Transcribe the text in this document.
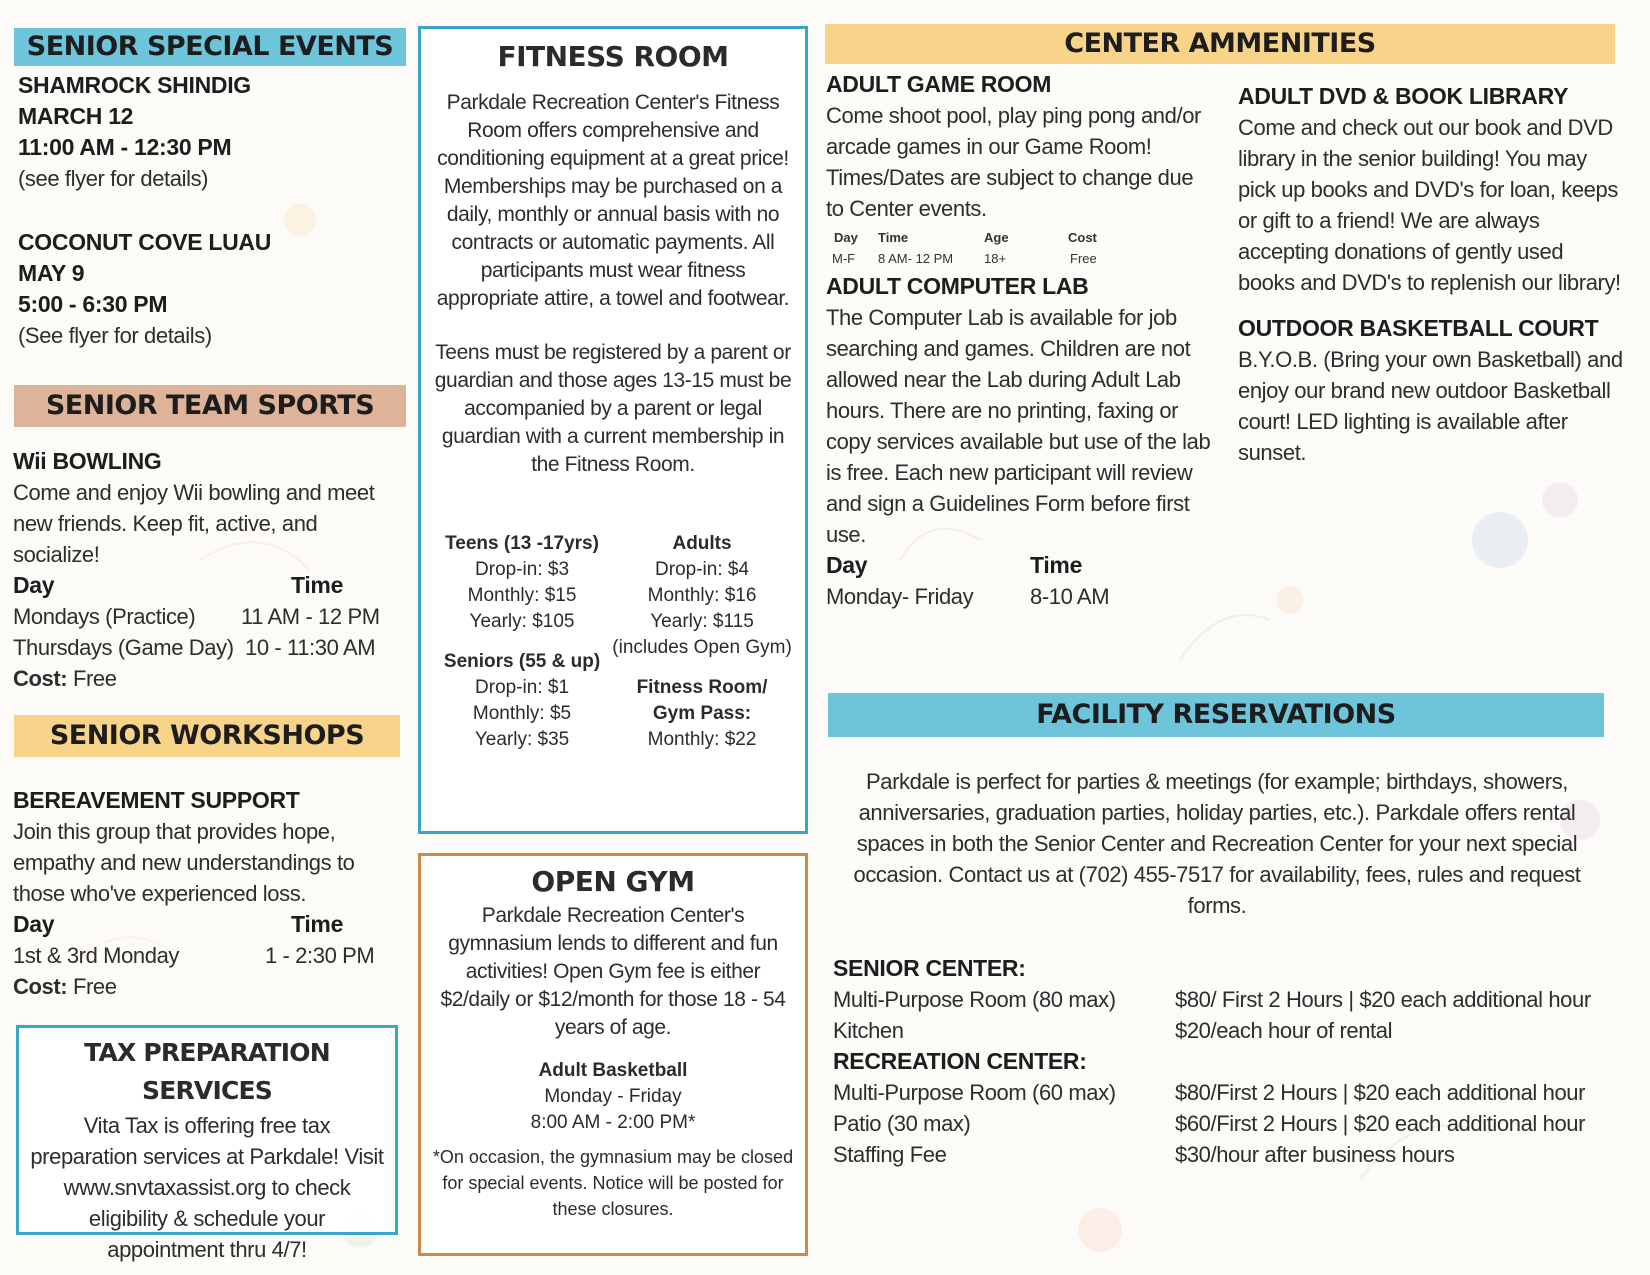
SENIOR SPECIAL EVENTS
SHAMROCK SHINDIG
MARCH 12
11:00 AM - 12:30 PM
(see flyer for details)
COCONUT COVE LUAU
MAY 9
5:00 - 6:30 PM
(See flyer for details)
SENIOR TEAM SPORTS
Wii BOWLING
Come and enjoy Wii bowling and meet new friends. Keep fit, active, and socialize!
Day	Time
Mondays (Practice)	11 AM - 12 PM
Thursdays (Game Day) 10 - 11:30 AM
Cost: Free
SENIOR WORKSHOPS
BEREAVEMENT SUPPORT
Join this group that provides hope, empathy and new understandings to those who've experienced loss.
Day	Time
1st & 3rd Monday	1 - 2:30 PM
Cost: Free
TAX PREPARATION SERVICES
Vita Tax is offering free tax preparation services at Parkdale! Visit www.snvtaxassist.org to check eligibility & schedule your appointment thru 4/7!
FITNESS ROOM
Parkdale Recreation Center's Fitness Room offers comprehensive and conditioning equipment at a great price! Memberships may be purchased on a daily, monthly or annual basis with no contracts or automatic payments. All participants must wear fitness appropriate attire, a towel and footwear.
Teens must be registered by a parent or guardian and those ages 13-15 must be accompanied by a parent or legal guardian with a current membership in the Fitness Room.
Teens (13 -17yrs)
Drop-in: $3
Monthly: $15
Yearly: $105
Seniors (55 & up)
Drop-in: $1
Monthly: $5
Yearly: $35
Adults
Drop-in: $4
Monthly: $16
Yearly: $115
(includes Open Gym)
Fitness Room/
Gym Pass:
Monthly: $22
OPEN GYM
Parkdale Recreation Center's gymnasium lends to different and fun activities! Open Gym fee is either $2/daily or $12/month for those 18 - 54 years of age.
Adult Basketball
Monday - Friday
8:00 AM - 2:00 PM*
*On occasion, the gymnasium may be closed for special events. Notice will be posted for these closures.
CENTER AMMENITIES
ADULT GAME ROOM
Come shoot pool, play ping pong and/or arcade games in our Game Room! Times/Dates are subject to change due to Center events.
Day	Time	Age	Cost
M-F	8 AM- 12 PM	18+	Free
ADULT COMPUTER LAB
The Computer Lab is available for job searching and games. Children are not allowed near the Lab during Adult Lab hours. There are no printing, faxing or copy services available but use of the lab is free. Each new participant will review and sign a Guidelines Form before first use.
Day	Time
Monday- Friday	8-10 AM
ADULT DVD & BOOK LIBRARY
Come and check out our book and DVD library in the senior building! You may pick up books and DVD's for loan, keeps or gift to a friend! We are always accepting donations of gently used books and DVD's to replenish our library!
OUTDOOR BASKETBALL COURT
B.Y.O.B. (Bring your own Basketball) and enjoy our brand new outdoor Basketball court! LED lighting is available after sunset.
FACILITY RESERVATIONS
Parkdale is perfect for parties & meetings (for example; birthdays, showers, anniversaries, graduation parties, holiday parties, etc.). Parkdale offers rental spaces in both the Senior Center and Recreation Center for your next special occasion. Contact us at (702) 455-7517 for availability, fees, rules and request forms.
SENIOR CENTER:
Multi-Purpose Room (80 max)	$80/ First 2 Hours | $20 each additional hour
Kitchen	$20/each hour of rental
RECREATION CENTER:
Multi-Purpose Room (60 max)	$80/First 2 Hours | $20 each additional hour
Patio (30 max)	$60/First 2 Hours | $20 each additional hour
Staffing Fee	$30/hour after business hours
